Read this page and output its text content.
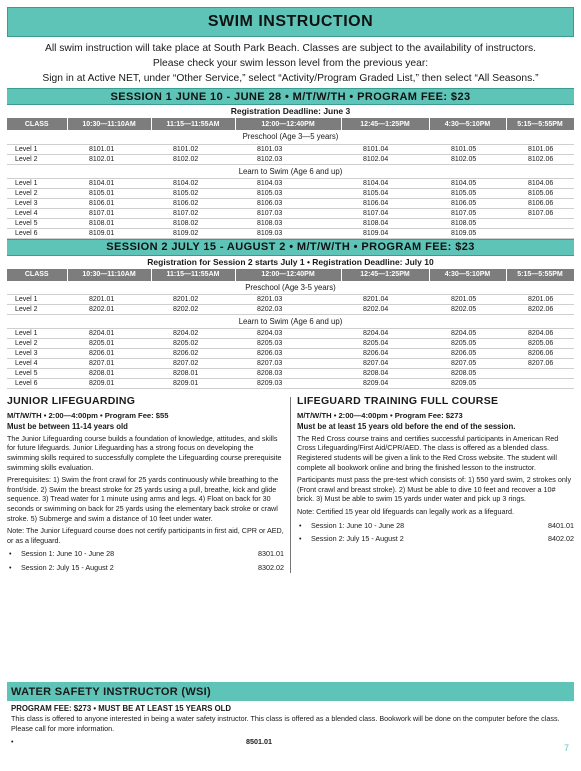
SWIM INSTRUCTION
All swim instruction will take place at South Park Beach. Classes are subject to the availability of instructors.
Please check your swim lesson level from the previous year:
Sign in at Active NET, under “Other Service,” select “Activity/Program Graded List,” then select “All Seasons.”
SESSION 1 JUNE 10 - JUNE 28 • M/T/W/TH • PROGRAM FEE: $23
Registration Deadline: June 3
CLASS	10:30—11:10AM	11:15—11:55AM	12:00—12:40PM	12:45—1:25PM	4:30—5:10PM	5:15—5:55PM
Preschool (Age 3—5 years)						
Level 1	8101.01	8101.02	8101.03	8101.04	8101.05	8101.06
Level 2	8102.01	8102.02	8102.03	8102.04	8102.05	8102.06
Learn to Swim (Age 6 and up)						
Level 1	8104.01	8104.02	8104.03	8104.04	8104.05	8104.06
Level 2	8105.01	8105.02	8105.03	8105.04	8105.05	8105.06
Level 3	8106.01	8106.02	8106.03	8106.04	8106.05	8106.06
Level 4	8107.01	8107.02	8107.03	8107.04	8107.05	8107.06
Level 5	8108.01	8108.02	8108.03	8108.04	8108.05	
Level 6	8109.01	8109.02	8109.03	8109.04	8109.05	
SESSION 2 JULY 15 - AUGUST 2 • M/T/W/TH • PROGRAM FEE: $23
Registration for Session 2 starts July 1 • Registration Deadline: July 10
CLASS	10:30—11:10AM	11:15—11:55AM	12:00—12:40PM	12:45—1:25PM	4:30—5:10PM	5:15—5:55PM
Preschool (Age 3-5 years)						
Level 1	8201.01	8201.02	8201.03	8201.04	8201.05	8201.06
Level 2	8202.01	8202.02	8202.03	8202.04	8202.05	8202.06
Learn to Swim (Age 6 and up)						
Level 1	8204.01	8204.02	8204.03	8204.04	8204.05	8204.06
Level 2	8205.01	8205.02	8205.03	8205.04	8205.05	8205.06
Level 3	8206.01	8206.02	8206.03	8206.04	8206.05	8206.06
Level 4	8207.01	8207.02	8207.03	8207.04	8207.05	8207.06
Level 5	8208.01	8208.01	8208.03	8208.04	8208.05	
Level 6	8209.01	8209.01	8209.03	8209.04	8209.05	
JUNIOR LIFEGUARDING
M/T/W/TH • 2:00—4:00pm • Program Fee: $55
Must be between 11-14 years old

The Junior Lifeguarding course builds a foundation of knowledge, attitudes, and skills for future lifeguards. Junior Lifeguarding has a strong focus on developing the swimming skills required to successfully complete the Lifeguarding course prerequisite swimming skills evaluation.

Prerequisites: 1) Swim the front crawl for 25 yards continuously while breathing to the front/side. 2) Swim the breast stroke for 25 yards using a pull, breathe, kick and glide sequence. 3) Tread water for 1 minute using arms and legs. 4) Float on back for 30 seconds or swimming on back for 25 yards using the elementary back stroke or crawl stroke. 5) Submerge and swim a distance of 10 feet under water.

Note: The Junior Lifeguard course does not certify participants in first aid, CPR or AED, or as a lifeguard.

•	Session 1: June 10 - June 28	8301.01
•	Session 2: July 15 - August 2	8302.02
LIFEGUARD TRAINING FULL COURSE
M/T/W/TH • 2:00—4:00pm • Program Fee: $273
Must be at least 15 years old before the end of the session.

The Red Cross course trains and certifies successful participants in American Red Cross Lifeguarding/First Aid/CPR/AED. The class is offered as a blended class. Registered students will be given a link to the Red Cross website. The student will complete all bookwork online and bring the finished lesson to the instructor.

Participants must pass the pre-test which consists of: 1) 550 yard swim, 2 strokes only (Front crawl and breast stroke). 2) Must be able to dive 10 feet and recover a 10# brick. 3) Must be able to swim 15 yards under water and pick up 3 rings.

Note: Certified 15 year old lifeguards can legally work as a lifeguard.

•	Session 1: June 10 - June 28	8401.01
•	Session 2: July 15 - August 2	8402.02
WATER SAFETY INSTRUCTOR (WSI)
PROGRAM FEE: $273 • MUST BE AT LEAST 15 YEARS OLD
This class is offered to anyone interested in being a water safety instructor. This class is offered as a blended class. Bookwork will be done on the computer before the class. Please call for more information.
•	8501.01
7
